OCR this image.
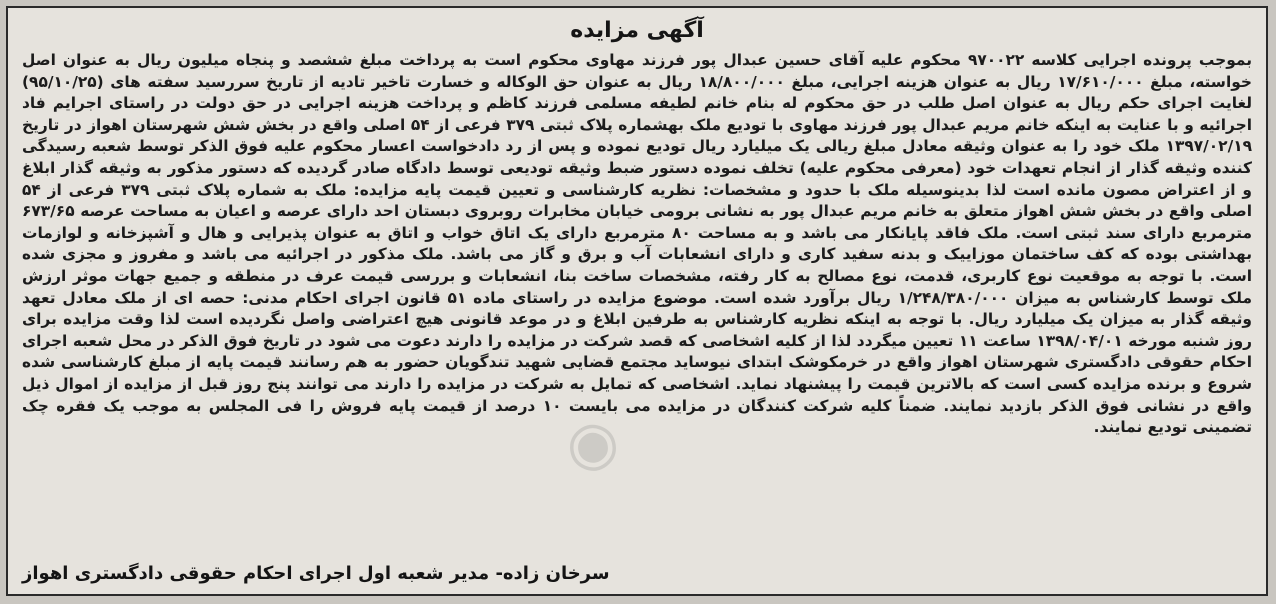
◉
آگهی مزایده

بموجب پرونده اجرایی کلاسه ۹۷۰۰۲۲ محکوم علیه آقای حسین عبدال پور فرزند مهاوی محکوم است به پرداخت مبلغ ششصد و پنجاه میلیون ریال به عنوان اصل خواسته، مبلغ ۱۷/۶۱۰/۰۰۰ ریال به عنوان هزینه اجرایی، مبلغ ۱۸/۸۰۰/۰۰۰ ریال به عنوان حق الوکاله و خسارت تاخیر تادیه از تاریخ سررسید سفته های (۹۵/۱۰/۲۵) لغایت اجرای حکم ریال به عنوان اصل طلب در حق محکوم له بنام خانم لطیفه مسلمی فرزند کاظم و پرداخت هزینه اجرایی در حق دولت در راستای اجرایم فاد اجرائیه و با عنایت به اینکه خانم مریم عبدال پور فرزند مهاوی با توديع ملک بهشماره پلاک ثبتی ۳۷۹ فرعی از ۵۴ اصلی واقع در بخش شش شهرستان اهواز در تاریخ ۱۳۹۷/۰۲/۱۹ ملک خود را به عنوان وثیقه معادل مبلغ ریالی یک میلیارد ریال توديع نموده و پس از رد دادخواست اعسار محکوم علیه فوق الذکر توسط شعبه رسیدگی کننده وثیقه گذار از انجام تعهدات خود (معرفی محکوم علیه) تخلف نموده دستور ضبط وثیقه توديعی توسط دادگاه صادر گردیده که دستور مذکور به وثیقه گذار ابلاغ و از اعتراض مصون مانده است لذا بدینوسیله ملک با حدود و مشخصات: نظریه کارشناسی و تعیین قیمت پایه مزایده: ملک به شماره پلاک ثبتی ۳۷۹ فرعی از ۵۴ اصلی واقع در بخش شش اهواز متعلق به خانم مریم عبدال پور به نشانی برومی خیابان مخابرات روبروی دبستان احد دارای عرصه و اعیان به مساحت عرصه ۶۷۳/۶۵ مترمربع دارای سند ثبتی است. ملک فاقد پایانکار می باشد و به مساحت ۸۰ مترمربع دارای یک اتاق خواب و اتاق به عنوان پذیرایی و هال و آشپزخانه و لوازمات بهداشتی بوده که کف ساختمان موزاییک و بدنه سفید کاری و دارای انشعابات آب و برق و گاز می باشد. ملک مذکور در اجرائیه می باشد و مفروز و مجزی شده است. با توجه به موقعیت نوع کاربری، قدمت، نوع مصالح به کار رفته، مشخصات ساخت بنا، انشعابات و بررسی قیمت عرف در منطقه و جمیع جهات موثر ارزش ملک توسط کارشناس به میزان ۱/۲۴۸/۳۸۰/۰۰۰ ریال برآورد شده است. موضوع مزایده در راستای ماده ۵۱ قانون اجرای احکام مدنی: حصه ای از ملک معادل تعهد وثیقه گذار به میزان یک میلیارد ریال. با توجه به اینکه نظریه کارشناس به طرفین ابلاغ و در موعد قانونی هیچ اعتراضی واصل نگردیده است لذا وقت مزایده برای روز شنبه مورخه ۱۳۹۸/۰۴/۰۱ ساعت ۱۱ تعیین میگردد لذا از کلیه اشخاصی که قصد شرکت در مزایده را دارند دعوت می شود در تاریخ فوق الذکر در محل شعبه اجرای احکام حقوقی دادگستری شهرستان اهواز واقع در خرمکوشک ابتدای نیوساید مجتمع قضایی شهید تندگویان حضور به هم رسانند قیمت پایه از مبلغ کارشناسی شده شروع و برنده مزایده کسی است که بالاترین قیمت را پیشنهاد نماید. اشخاصی که تمایل به شرکت در مزایده را دارند می توانند پنج روز قبل از مزایده از اموال ذیل واقع در نشانی فوق الذکر بازدید نمایند. ضمناً کلیه شرکت کنندگان در مزایده می بایست ۱۰ درصد از قیمت پایه فروش را فی المجلس به موجب یک فقره چک تضمینی توديع نمایند.

سرخان زاده- مدیر شعبه اول اجرای احکام حقوقی دادگستری اهواز
